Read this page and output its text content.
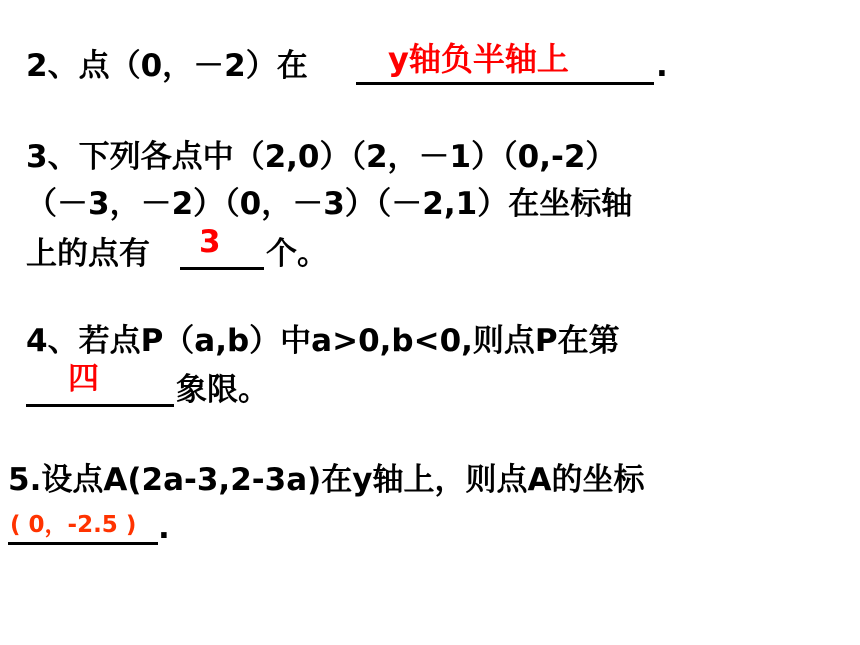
2、点（0，－2）在	.
y轴负半轴上
3、下列各点中（2,0）（2，－1）（0,-2）
（－3，－2）（0，－3）（－2,1）在坐标轴
上的点有	个。
3
4、若点P（a,b）中a>0,b<0,则点P在第
象限。
四
5.设点A(2a-3,2-3a)在y轴上，则点A的坐标
.
( 0，-2.5 )
